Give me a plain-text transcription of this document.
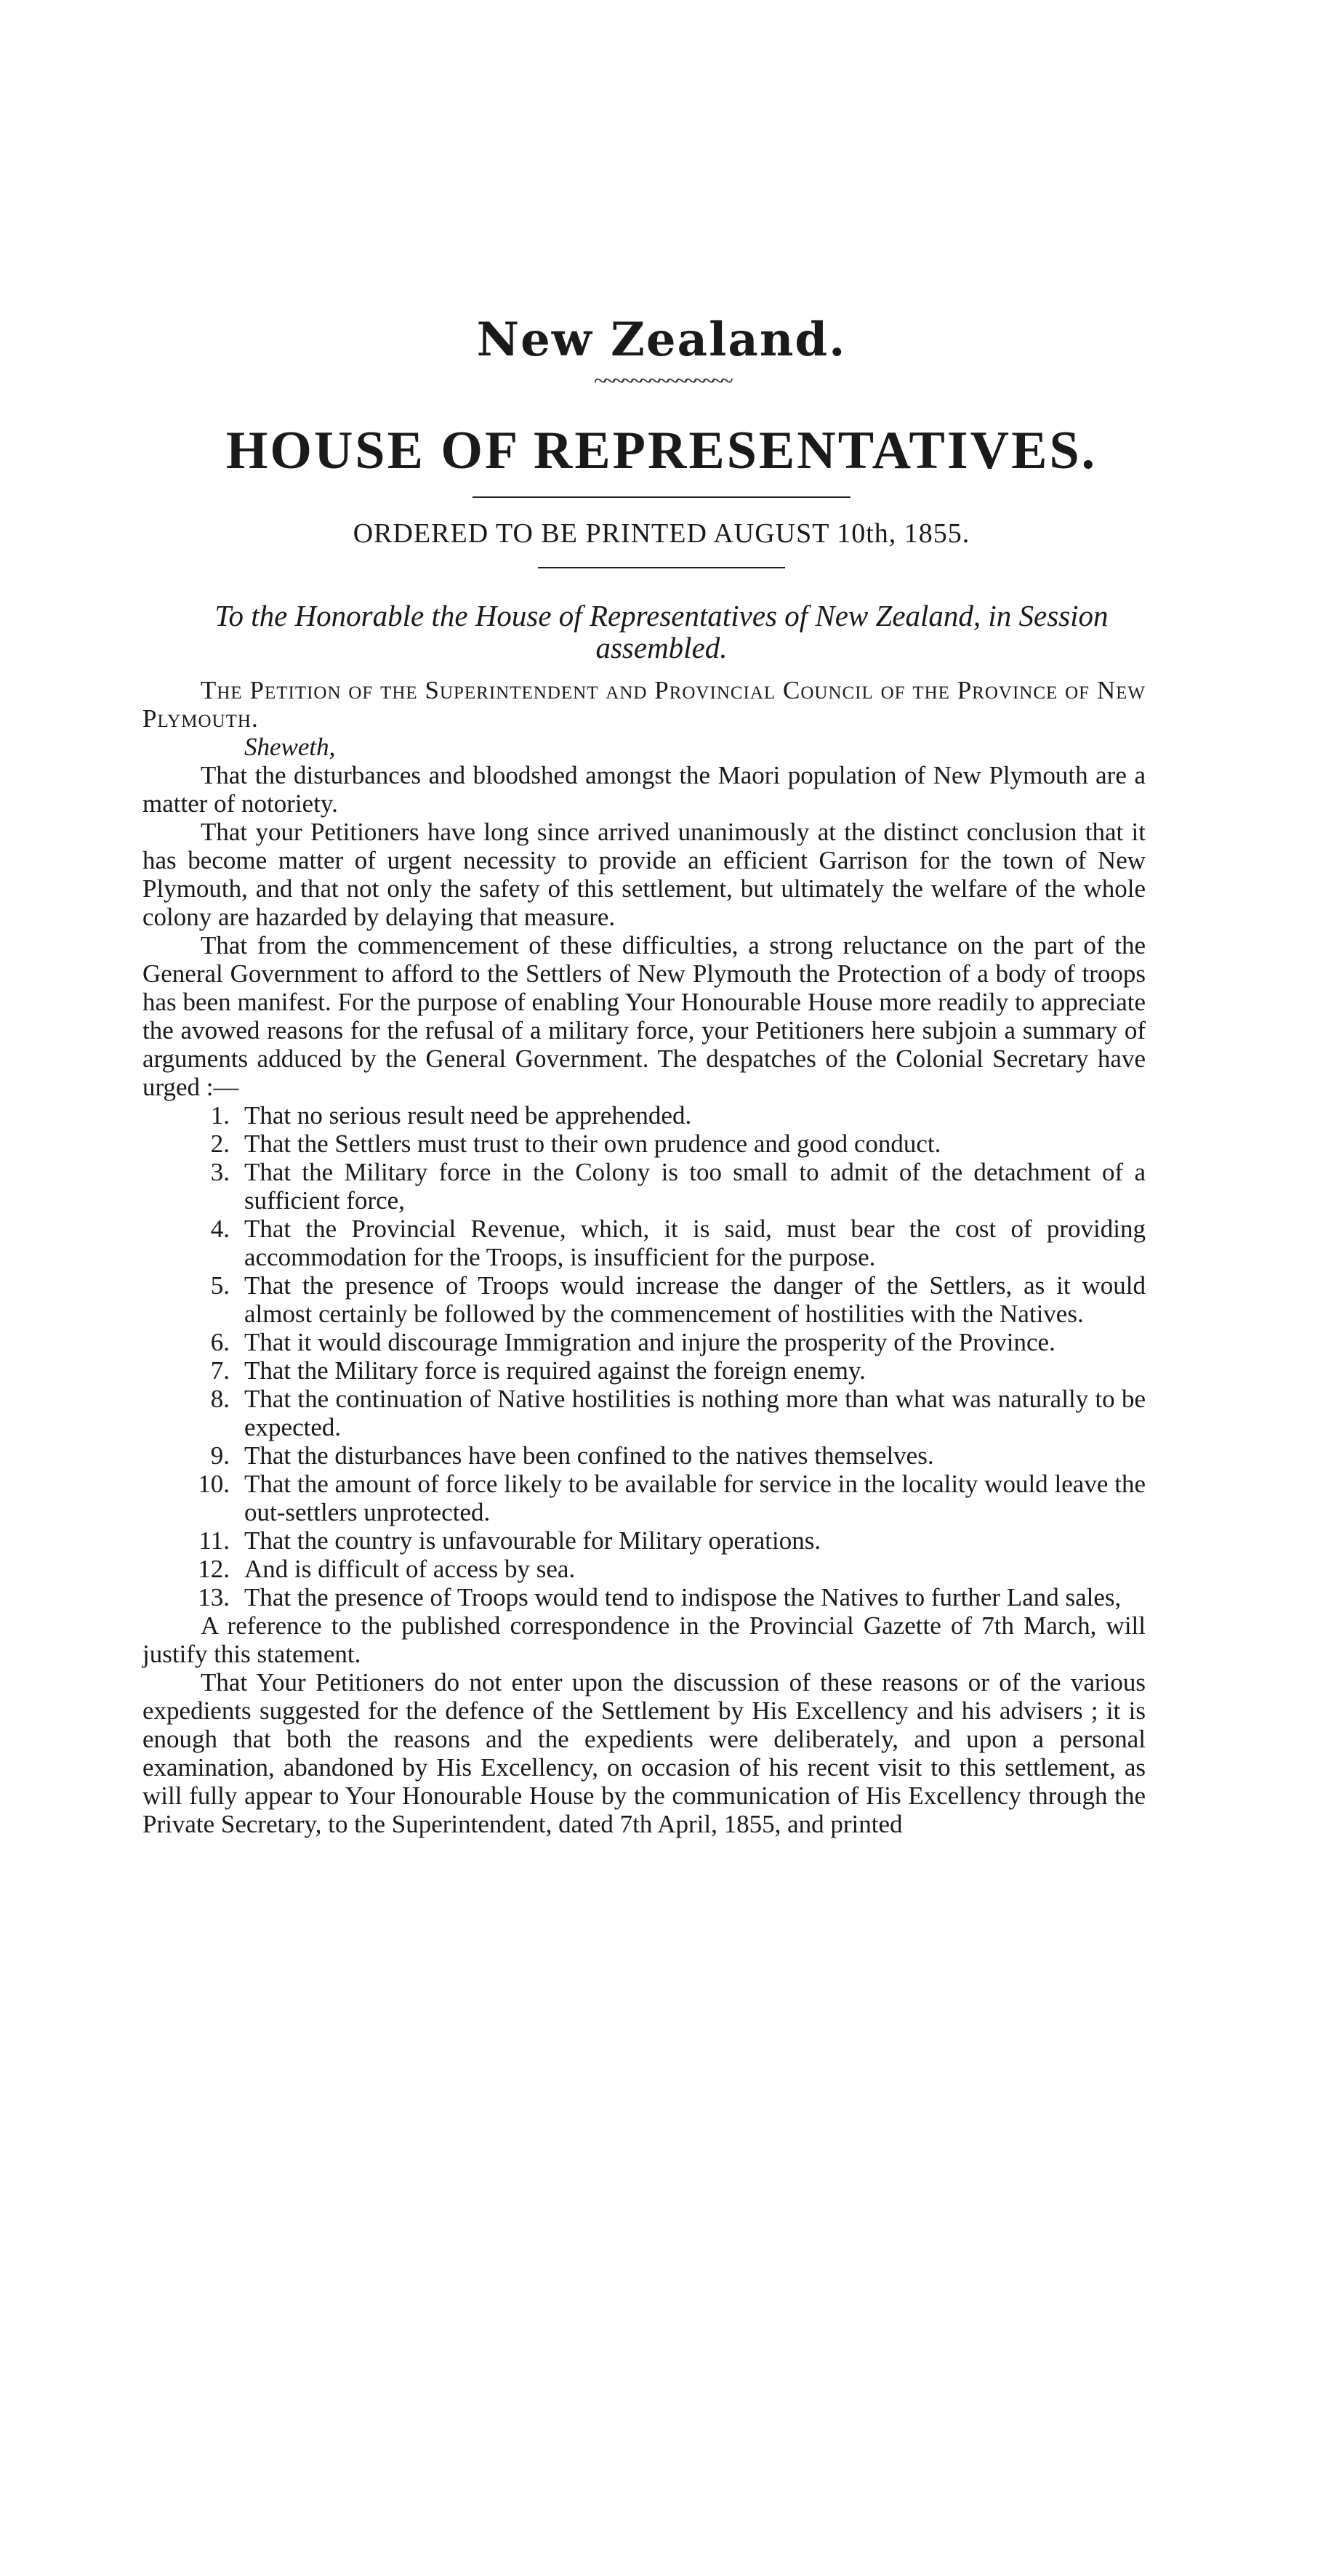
New Zealand.
~~~~~~~~~~~~~~~
HOUSE OF REPRESENTATIVES.
ORDERED TO BE PRINTED AUGUST 10th, 1855.
To the Honorable the House of Representatives of New Zealand, in Session assembled.

The Petition of the Superintendent and Provincial Council of the Province of New Plymouth.

Sheweth,

That the disturbances and bloodshed amongst the Maori population of New Plymouth are a matter of notoriety.

That your Petitioners have long since arrived unanimously at the distinct conclusion that it has become matter of urgent necessity to provide an efficient Garrison for the town of New Plymouth, and that not only the safety of this settlement, but ultimately the welfare of the whole colony are hazarded by delaying that measure.

That from the commencement of these difficulties, a strong reluctance on the part of the General Government to afford to the Settlers of New Plymouth the Protection of a body of troops has been manifest. For the purpose of enabling Your Honourable House more readily to appreciate the avowed reasons for the refusal of a military force, your Petitioners here subjoin a summary of arguments adduced by the General Government. The despatches of the Colonial Secretary have urged :—

1. That no serious result need be apprehended.
2. That the Settlers must trust to their own prudence and good conduct.
3. That the Military force in the Colony is too small to admit of the detachment of a sufficient force,
4. That the Provincial Revenue, which, it is said, must bear the cost of providing accommodation for the Troops, is insufficient for the purpose.
5. That the presence of Troops would increase the danger of the Settlers, as it would almost certainly be followed by the commencement of hostilities with the Natives.
6. That it would discourage Immigration and injure the prosperity of the Province.
7. That the Military force is required against the foreign enemy.
8. That the continuation of Native hostilities is nothing more than what was naturally to be expected.
9. That the disturbances have been confined to the natives themselves.
10. That the amount of force likely to be available for service in the locality would leave the out-settlers unprotected.
11. That the country is unfavourable for Military operations.
12. And is difficult of access by sea.
13. That the presence of Troops would tend to indispose the Natives to further Land sales,

A reference to the published correspondence in the Provincial Gazette of 7th March, will justify this statement.

That Your Petitioners do not enter upon the discussion of these reasons or of the various expedients suggested for the defence of the Settlement by His Excellency and his advisers ; it is enough that both the reasons and the expedients were deliberately, and upon a personal examination, abandoned by His Excellency, on occasion of his recent visit to this settlement, as will fully appear to Your Honourable House by the communication of His Excellency through the Private Secretary, to the Superintendent, dated 7th April, 1855, and printed
